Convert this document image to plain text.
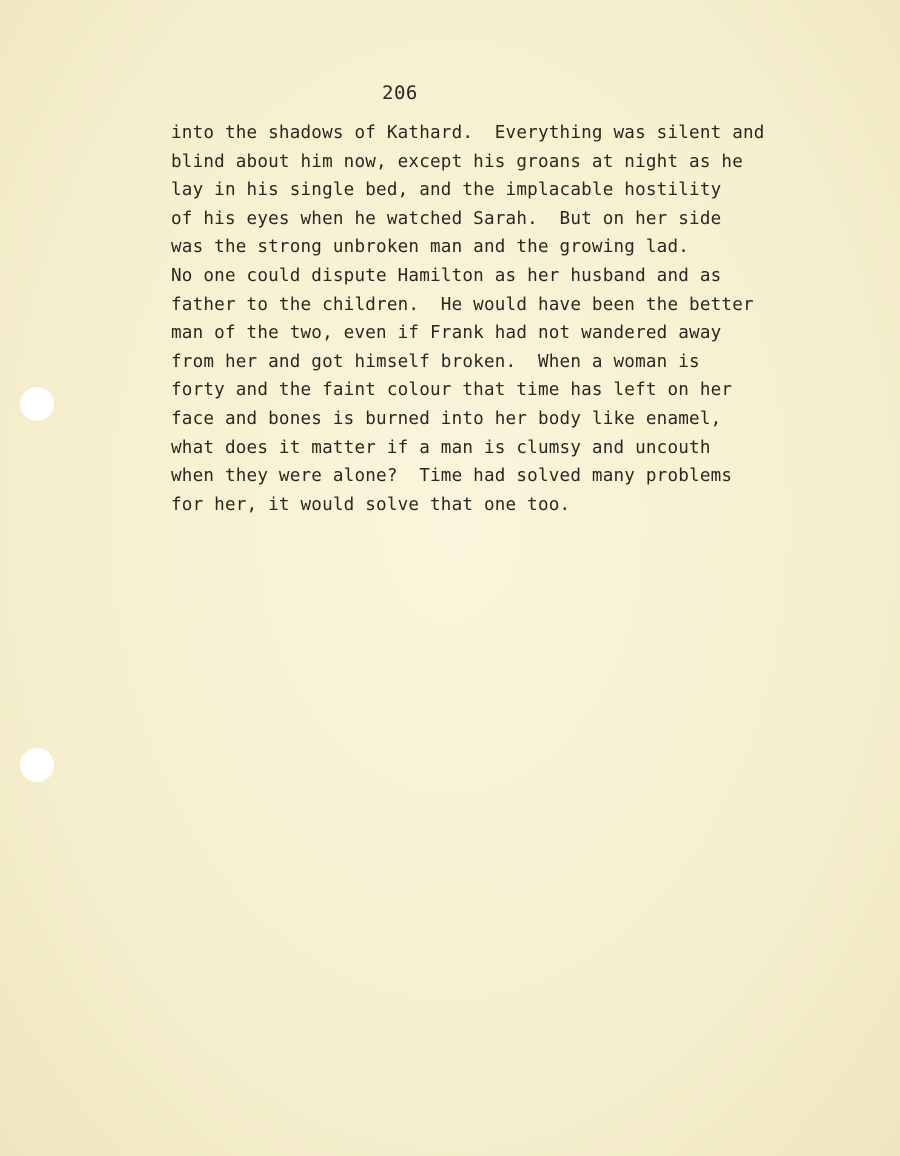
206
into the shadows of Kathard.  Everything was silent and
blind about him now, except his groans at night as he
lay in his single bed, and the implacable hostility
of his eyes when he watched Sarah.  But on her side
was the strong unbroken man and the growing lad.
No one could dispute Hamilton as her husband and as
father to the children.  He would have been the better
man of the two, even if Frank had not wandered away
from her and got himself broken.  When a woman is
forty and the faint colour that time has left on her
face and bones is burned into her body like enamel,
what does it matter if a man is clumsy and uncouth
when they were alone?  Time had solved many problems
for her, it would solve that one too.
